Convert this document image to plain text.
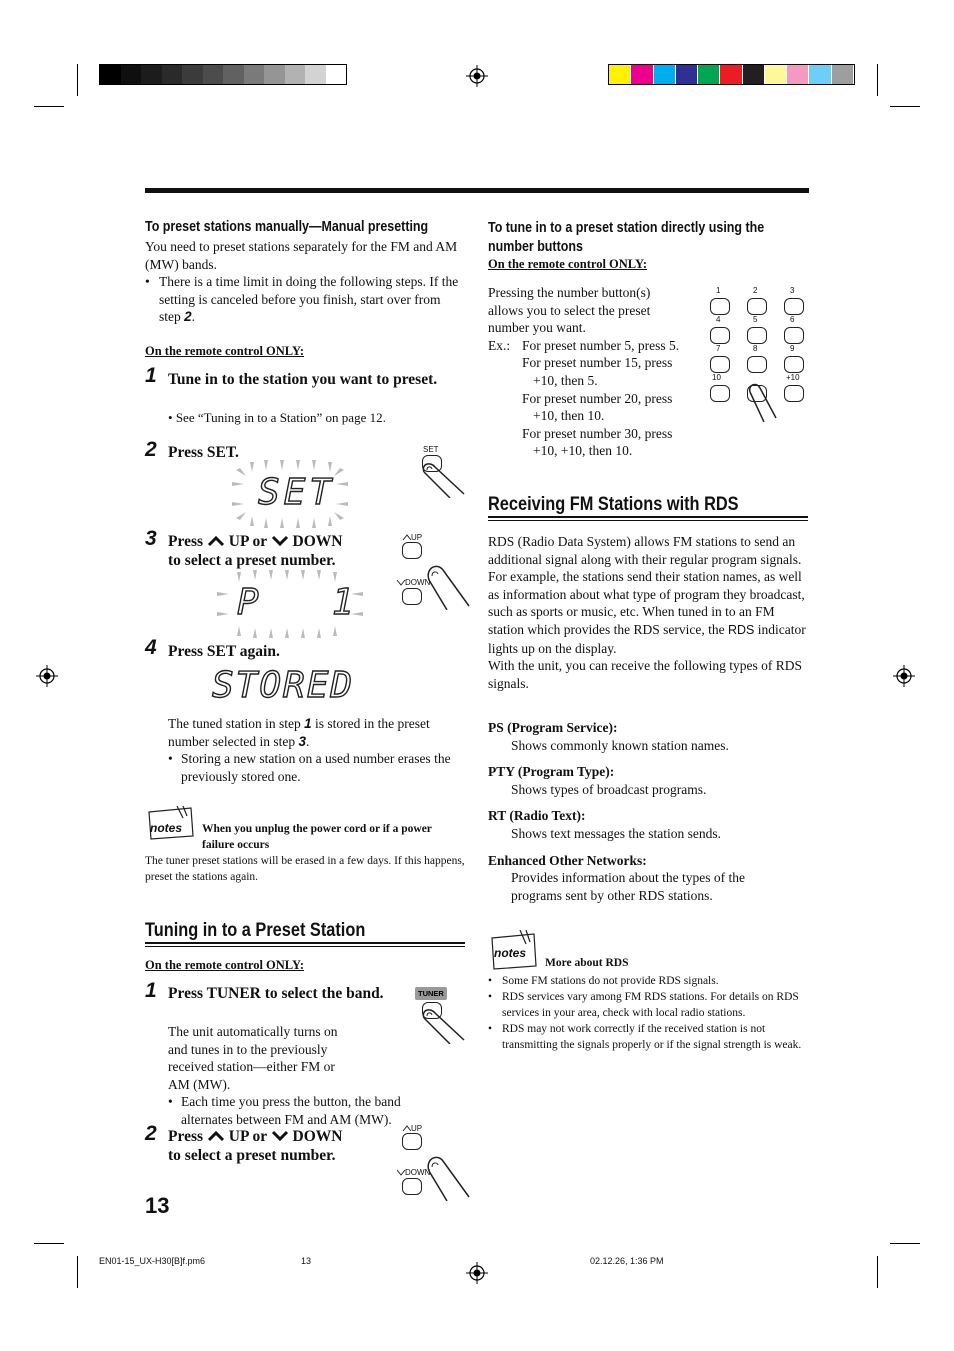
To preset stations manually—Manual presetting
You need to preset stations separately for the FM and AM (MW) bands.
• There is a time limit in doing the following steps. If the setting is canceled before you finish, start over from step 2.
On the remote control ONLY:
1 Tune in to the station you want to preset.
• See “Tuning in to a Station” on page 12.
2 Press SET.	SET
SET
3 Press UP or DOWN
to select a preset number.
UP
DOWN
P  1
4 Press SET again.
STORED
The tuned station in step 1 is stored in the preset number selected in step 3.
• Storing a new station on a used number erases the previously stored one.
notes When you unplug the power cord or if a power failure occurs
The tuner preset stations will be erased in a few days. If this happens, preset the stations again.
Tuning in to a Preset Station
On the remote control ONLY:
1 Press TUNER to select the band.	TUNER
The unit automatically turns on and tunes in to the previously received station—either FM or AM (MW).
• Each time you press the button, the band alternates between FM and AM (MW).
2 Press UP or DOWN
to select a preset number.
UP
DOWN
13
To tune in to a preset station directly using the
number buttons
On the remote control ONLY:
Pressing the number button(s) allows you to select the preset number you want.
Ex.: For preset number 5, press 5.
For preset number 15, press
+10, then 5.
For preset number 20, press
+10, then 10.
For preset number 30, press
+10, +10, then 10.
1	2	3
4	5	6
7	8	9
10	+10
Receiving FM Stations with RDS
RDS (Radio Data System) allows FM stations to send an additional signal along with their regular program signals. For example, the stations send their station names, as well as information about what type of program they broadcast, such as sports or music, etc. When tuned in to an FM station which provides the RDS service, the RDS indicator lights up on the display.
With the unit, you can receive the following types of RDS signals.
PS (Program Service):
Shows commonly known station names.
PTY (Program Type):
Shows types of broadcast programs.
RT (Radio Text):
Shows text messages the station sends.
Enhanced Other Networks:
Provides information about the types of the programs sent by other RDS stations.
notes
More about RDS
• Some FM stations do not provide RDS signals.
• RDS services vary among FM RDS stations. For details on RDS services in your area, check with local radio stations.
• RDS may not work correctly if the received station is not transmitting the signals properly or if the signal strength is weak.
EN01-15_UX-H30[B]f.pm6	13	02.12.26, 1:36 PM
